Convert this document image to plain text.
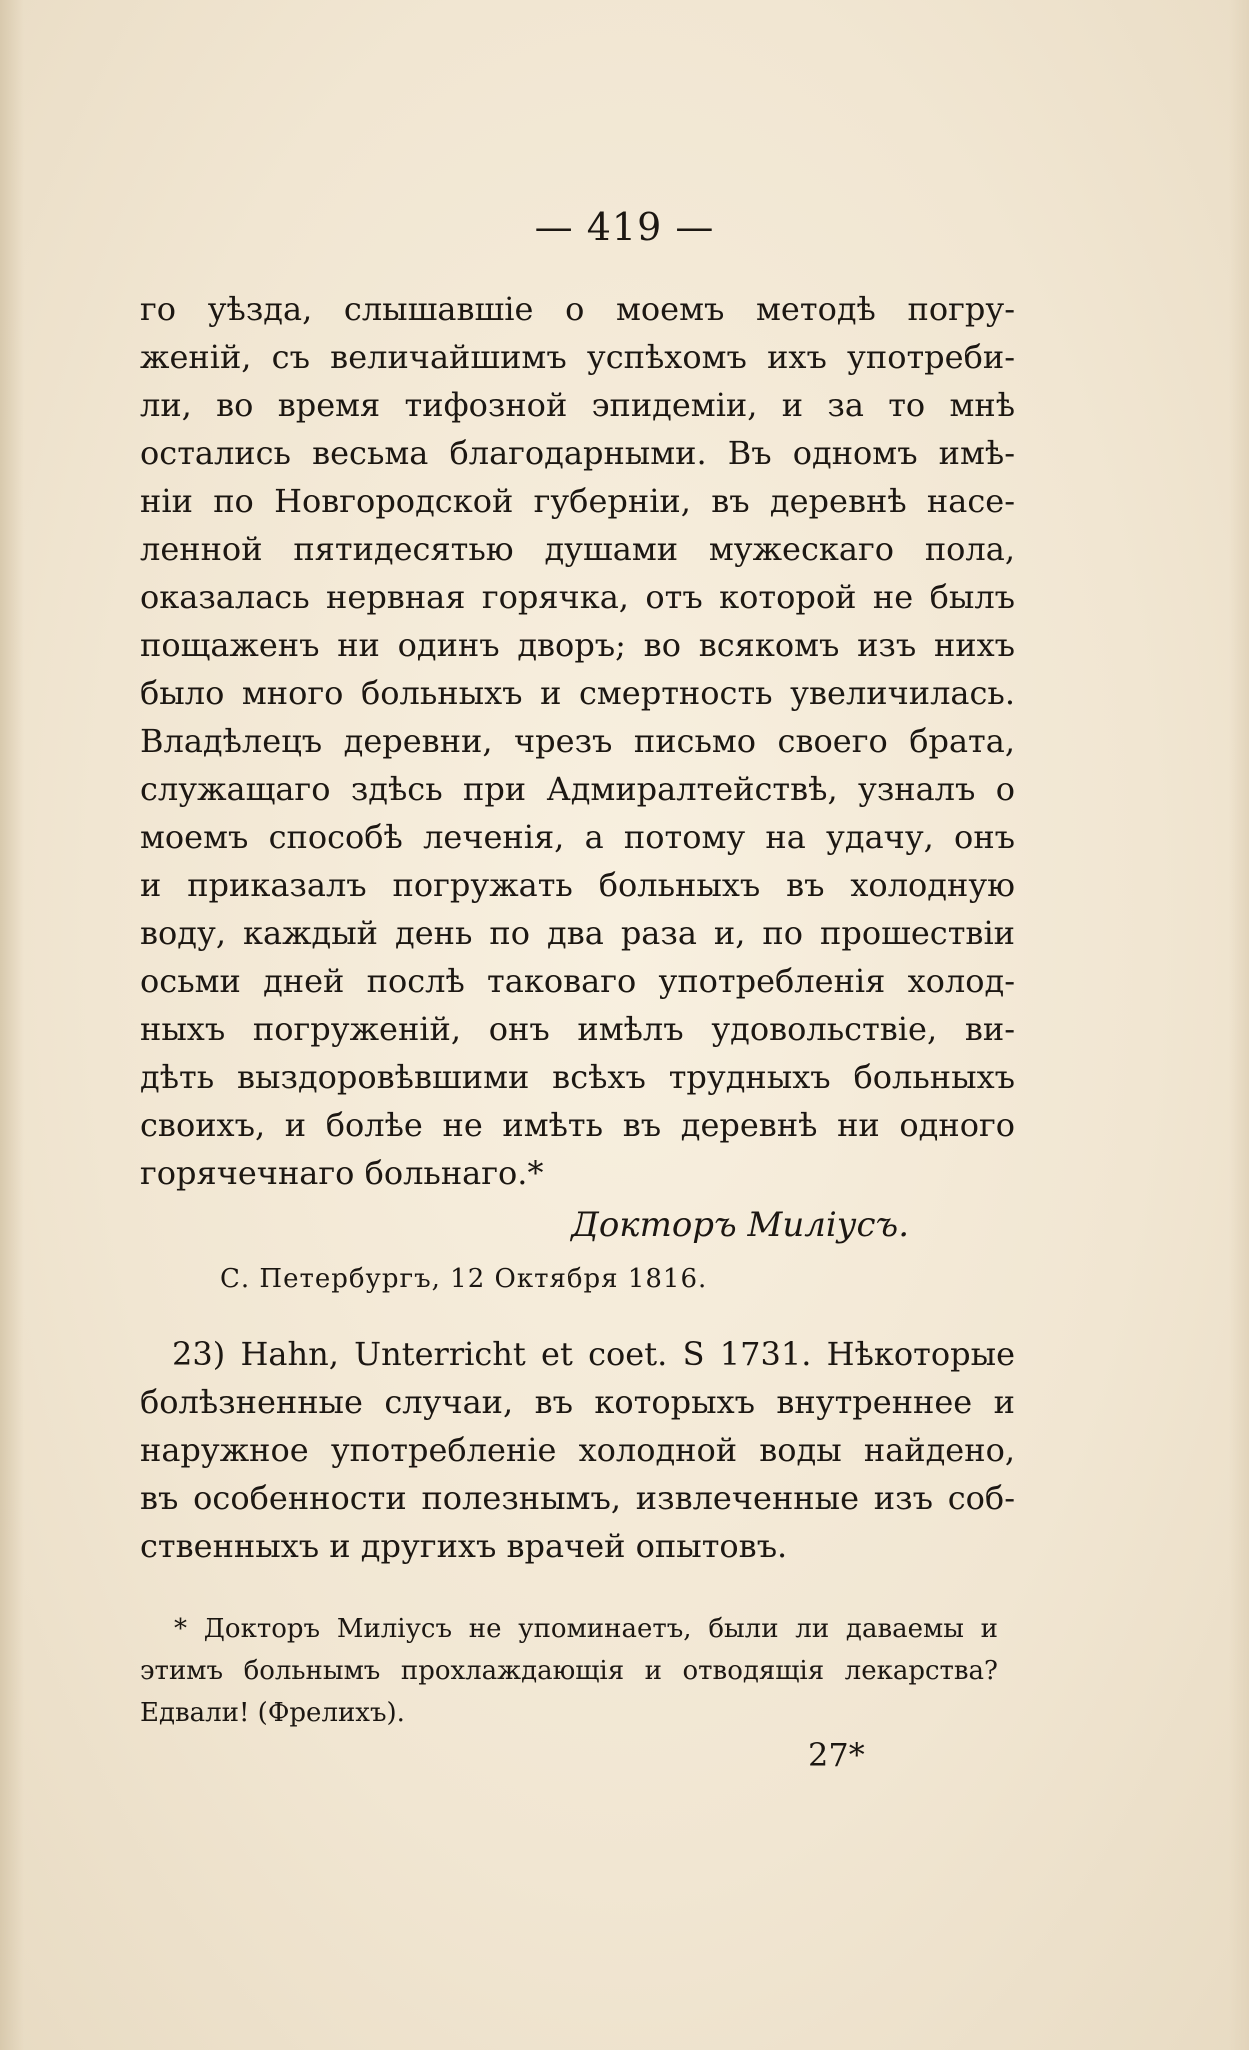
— 419 —
го уѣзда, слышавшіе о моемъ методѣ погру-
женій, съ величайшимъ успѣхомъ ихъ употреби-
ли, во время тифозной эпидеміи, и за то мнѣ
остались весьма благодарными. Въ одномъ имѣ-
ніи по Новгородской губерніи, въ деревнѣ насе-
ленной пятидесятью душами мужескаго пола,
оказалась нервная горячка, отъ которой не былъ
пощаженъ ни одинъ дворъ; во всякомъ изъ нихъ
было много больныхъ и смертность увеличилась.
Владѣлецъ деревни, чрезъ письмо своего брата,
служащаго здѣсь при Адмиралтействѣ, узналъ о
моемъ способѣ леченія, а потому на удачу, онъ
и приказалъ погружать больныхъ въ холодную
воду, каждый день по два раза и, по прошествіи
осьми дней послѣ таковаго употребленія холод-
ныхъ погруженій, онъ имѣлъ удовольствіе, ви-
дѣть выздоровѣвшими всѣхъ трудныхъ больныхъ
своихъ, и болѣе не имѣть въ деревнѣ ни одного
горячечнаго больнаго.*
Докторъ Милiусъ.
С. Петербургъ, 12 Октября 1816.
23) Hahn, Unterricht et coet. S 1731. Нѣкоторые
болѣзненные случаи, въ которыхъ внутреннее и
наружное употребленіе холодной воды найдено,
въ особенности полезнымъ, извлеченные изъ соб-
ственныхъ и другихъ врачей опытовъ.
* Докторъ Милiусъ не упоминаетъ, были ли даваемы и
этимъ больнымъ прохлаждающія и отводящія лекарства?
Едвали! (Фрелихъ).
27*
